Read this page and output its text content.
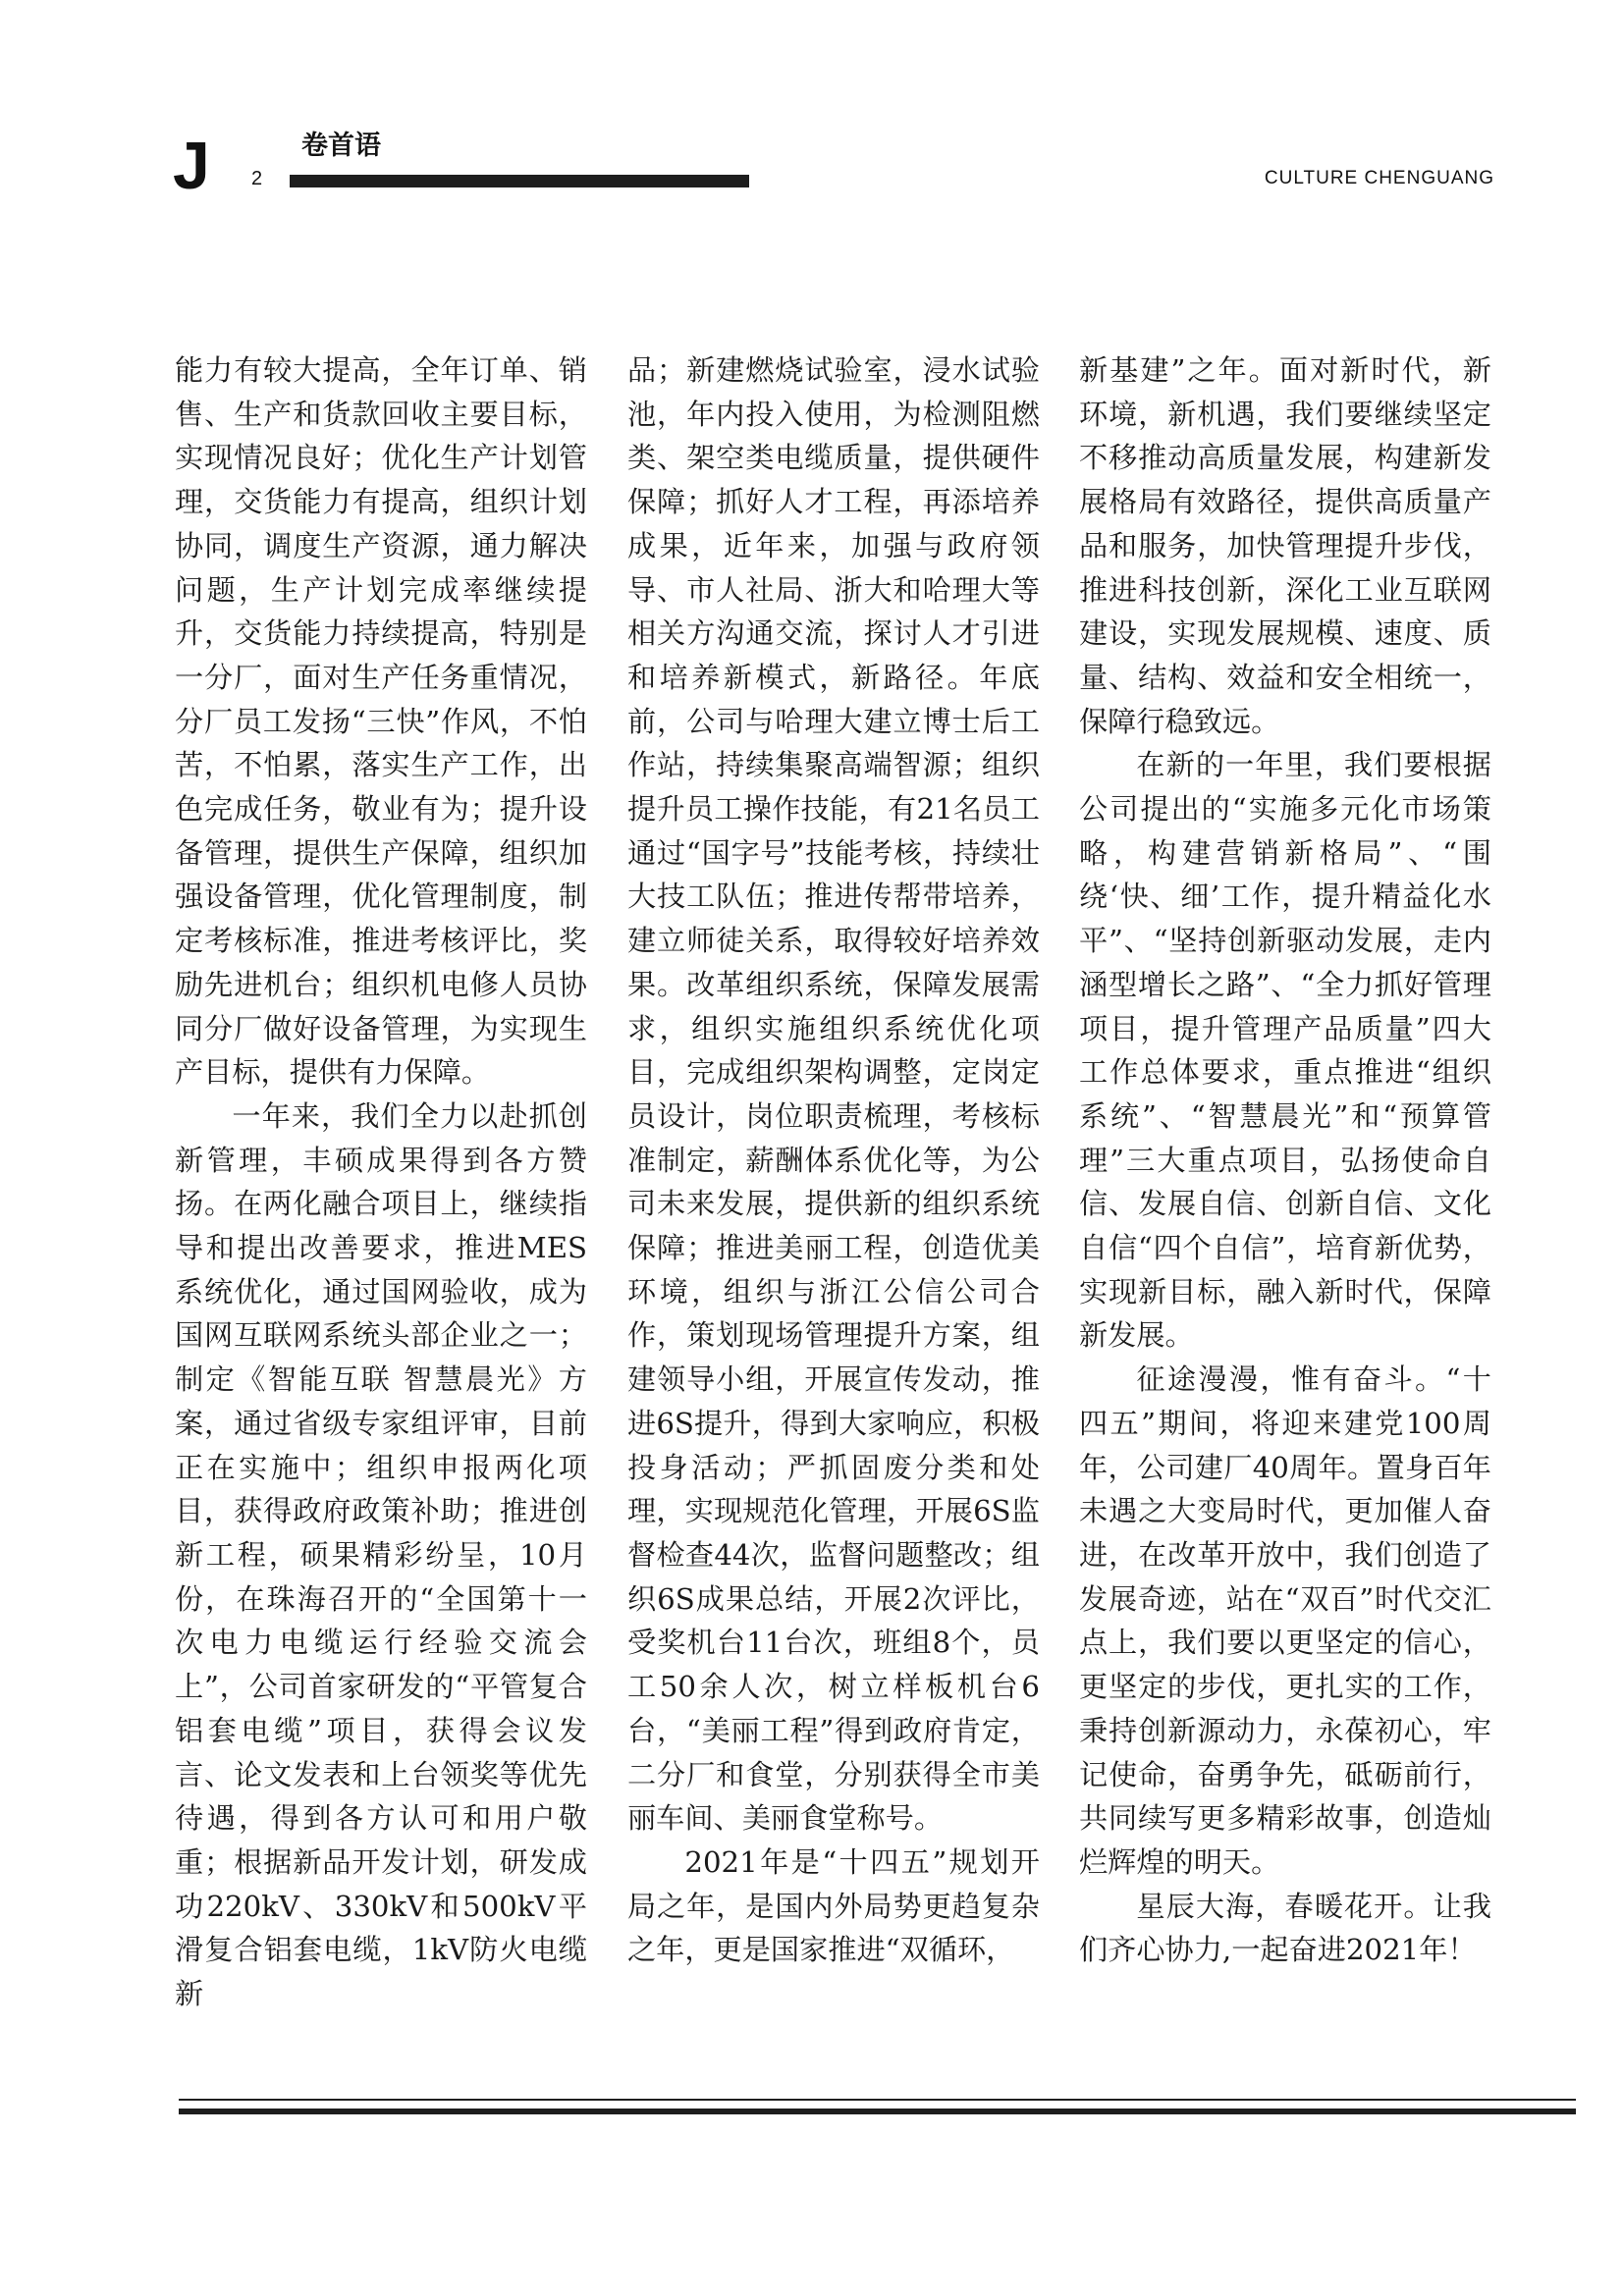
J 2
卷首语
CULTURE CHENGUANG

能力有较大提高，全年订单、销售、生产和货款回收主要目标，实现情况良好；优化生产计划管理，交货能力有提高，组织计划协同，调度生产资源，通力解决问题，生产计划完成率继续提升，交货能力持续提高，特别是一分厂，面对生产任务重情况，分厂员工发扬“三快”作风，不怕苦，不怕累，落实生产工作，出色完成任务，敬业有为；提升设备管理，提供生产保障，组织加强设备管理，优化管理制度，制定考核标准，推进考核评比，奖励先进机台；组织机电修人员协同分厂做好设备管理，为实现生产目标，提供有力保障。

一年来，我们全力以赴抓创新管理，丰硕成果得到各方赞扬。在两化融合项目上，继续指导和提出改善要求，推进MES系统优化，通过国网验收，成为国网互联网系统头部企业之一；制定《智能互联 智慧晨光》方案，通过省级专家组评审，目前正在实施中；组织申报两化项目，获得政府政策补助；推进创新工程，硕果精彩纷呈，10月份，在珠海召开的“全国第十一次电力电缆运行经验交流会上”，公司首家研发的“平管复合铝套电缆”项目，获得会议发言、论文发表和上台领奖等优先待遇，得到各方认可和用户敬重；根据新品开发计划，研发成功220kV、330kV和500kV平滑复合铝套电缆，1kV防火电缆新

品；新建燃烧试验室，浸水试验池，年内投入使用，为检测阻燃类、架空类电缆质量，提供硬件保障；抓好人才工程，再添培养成果，近年来，加强与政府领导、市人社局、浙大和哈理大等相关方沟通交流，探讨人才引进和培养新模式，新路径。年底前，公司与哈理大建立博士后工作站，持续集聚高端智源；组织提升员工操作技能，有21名员工通过“国字号”技能考核，持续壮大技工队伍；推进传帮带培养，建立师徒关系，取得较好培养效果。改革组织系统，保障发展需求，组织实施组织系统优化项目，完成组织架构调整，定岗定员设计，岗位职责梳理，考核标准制定，薪酬体系优化等，为公司未来发展，提供新的组织系统保障；推进美丽工程，创造优美环境，组织与浙江公信公司合作，策划现场管理提升方案，组建领导小组，开展宣传发动，推进6S提升，得到大家响应，积极投身活动；严抓固废分类和处理，实现规范化管理，开展6S监督检查44次，监督问题整改；组织6S成果总结，开展2次评比，受奖机台11台次，班组8个，员工50余人次，树立样板机台6台，“美丽工程”得到政府肯定，二分厂和食堂，分别获得全市美丽车间、美丽食堂称号。

2021年是“十四五”规划开局之年，是国内外局势更趋复杂之年，更是国家推进“双循环，

新基建”之年。面对新时代，新环境，新机遇，我们要继续坚定不移推动高质量发展，构建新发展格局有效路径，提供高质量产品和服务，加快管理提升步伐，推进科技创新，深化工业互联网建设，实现发展规模、速度、质量、结构、效益和安全相统一，保障行稳致远。

在新的一年里，我们要根据公司提出的“实施多元化市场策略，构建营销新格局”、“围绕‘快、细’工作，提升精益化水平”、“坚持创新驱动发展，走内涵型增长之路”、“全力抓好管理项目，提升管理产品质量”四大工作总体要求，重点推进“组织系统”、“智慧晨光”和“预算管理”三大重点项目，弘扬使命自信、发展自信、创新自信、文化自信“四个自信”，培育新优势，实现新目标，融入新时代，保障新发展。

征途漫漫，惟有奋斗。“十四五”期间，将迎来建党100周年，公司建厂40周年。置身百年未遇之大变局时代，更加催人奋进，在改革开放中，我们创造了发展奇迹，站在“双百”时代交汇点上，我们要以更坚定的信心，更坚定的步伐，更扎实的工作，秉持创新源动力，永葆初心，牢记使命，奋勇争先，砥砺前行，共同续写更多精彩故事，创造灿烂辉煌的明天。

星辰大海，春暖花开。让我们齐心协力,一起奋进2021年！
